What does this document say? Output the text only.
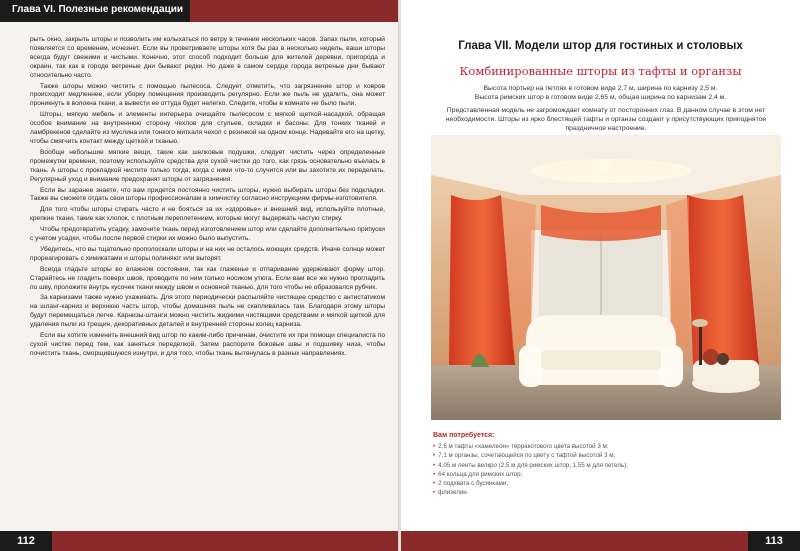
Глава VI. Полезные рекомендации

рыть окно, закрыть шторы и позволить им колыхаться по ветру в течение нескольких часов. Запах пыли, который появляется со временем, исчезнет. Если вы проветриваете шторы хотя бы раз в несколько недель, ваши шторы всегда будут свежими и чистыми. Конечно, этот способ подходит больше для жителей деревни, пригорода и окраин, так как в городе ветреные дни бывают редки. Но даже в самом сердце города ветреные дни бывают относительно часто.

Также шторы можно чистить с помощью пылесоса. Следует отметить, что загрязнение штор и ковров происходит медленнее, если уборку помещения производить регулярно. Если же пыль не удалить, она может проникнуть в волокна ткани, а вывести ее оттуда будет нелегко. Следите, чтобы в комнате не было пыли.

Шторы, мягкую мебель и элементы интерьера очищайте пылесосом с мягкой щеткой-насадкой, обращая особое внимание на внутреннюю сторону чехлов для стульев, складки и басоны. Для тонких тканей и ламбрекенов сделайте из муслина или тонкого миткаля чехол с резинкой на одном конце. Надевайте его на щетку, чтобы смягчить контакт между щеткой и тканью.

Вообще небольшие мягкие вещи, такие как шелковые подушки, следует чистить через определенные промежутки времени, поэтому используйте средства для сухой чистки до того, как грязь основательно въелась в ткань. А шторы с прокладкой чистите только тогда, когда с ними что-то случится или вы захотите их переделать. Регулярный уход и внимание предохранят шторы от загрязнения.

Если вы заранее знаете, что вам придется постоянно чистить шторы, нужно выбирать шторы без подкладки. Также вы сможете отдать свои шторы профессионалам в химчистку согласно инструкциям фирмы-изготовителя.

Для того чтобы шторы стирать часто и не бояться за их «здоровье» и внешний вид, используйте плотные, крепкие ткани, такие как хлопок, с плотным переплетением, которые могут выдержать частую стирку.

Чтобы предотвратить усадку, замочите ткань перед изготовлением штор или сделайте дополнительно припуски с учетом усадки, чтобы после первой стирки их можно было выпустить.

Убедитесь, что вы тщательно прополоскали шторы и на них не осталось моющих средств. Иначе солнце может прореагировать с химикатами и шторы полиняют или выгорят.

Всегда гладьте шторы во влажном состоянии, так как глаженье и отпаривание удерживают форму штор. Старайтесь не гладить поверх швов, проводите по ним только носиком утюга. Если вам все же нужно прогладить по шву, проложите внутрь кусочек ткани между швом и основной тканью, для того чтобы не образовался рубчик.

За карнизами также нужно ухаживать. Для этого периодически распыляйте чистящее средство с антистатиком на шланг-карниз и верхнюю часть штор, чтобы домашняя пыль не скапливалась там. Благодаря этому шторы будут перемещаться легче. Карнизы-штанги можно чистить жидкими чистящими средствами и мягкой щеткой для удаления пыли из трещин, декоративных деталей и внутренней стороны колец карниза.

Если вы хотите изменить внешний вид штор по каким-либо причинам, очистите их при помощи специалиста по сухой чистке перед тем, как заняться переделкой. Затем распорите боковые швы и подшивку низа, чтобы почистить ткань, сморщившуюся изнутри, и для того, чтобы ткань вытянулась в разных направлениях.

112
Глава VII. Модели штор для гостиных и столовых
Комбинированные шторы из тафты и органзы
Высота портьер на петлях в готовом виде 2,7 м, ширина по карнизу 2,5 м.
Высота римских штор в готовом виде 2,65 м, общая ширина по карнизам 2,4 м.
Представленная модель не загромождает комнату от посторонних глаз. В данном случае в этом нет необходимости. Шторы из ярко блестящей тафты и органзы создают у присутствующих приподнятое праздничное настроение.
Вам потребуется:
• 2,6 м тафты «хамелеон» терракотового цвета высотой 3 м;
• 7,1 м органзы, сочетающейся по цвету с тафтой высотой 3 м;
• 4,05 м ленты велкро (2,5 м для римских штор, 1,55 м для петель);
• 64 кольца для римских штор;
• 2 подхвата с бусинками;
• флизелин.
113
